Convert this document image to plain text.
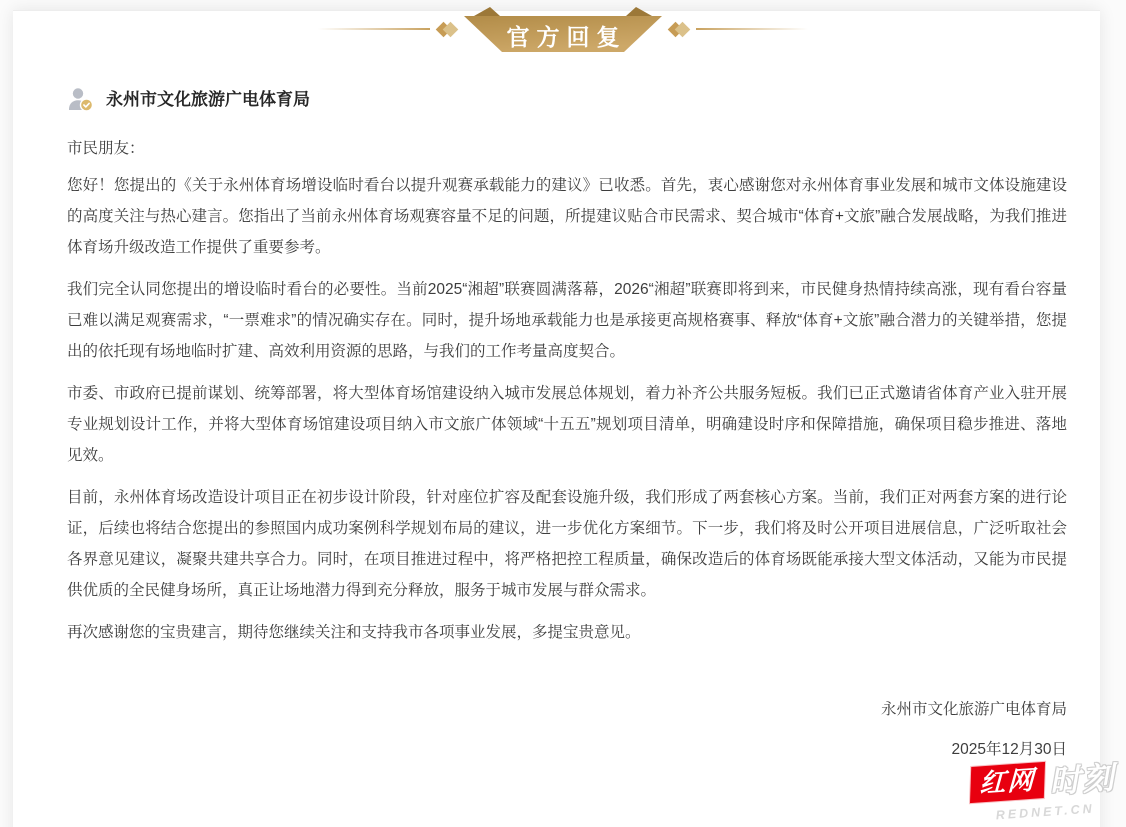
官方回复
永州市文化旅游广电体育局

市民朋友：

您好！您提出的《关于永州体育场增设临时看台以提升观赛承载能力的建议》已收悉。首先，衷心感谢您对永州体育事业发展和城市文体设施建设的高度关注与热心建言。您指出了当前永州体育场观赛容量不足的问题，所提建议贴合市民需求、契合城市“体育+文旅”融合发展战略，为我们推进体育场升级改造工作提供了重要参考。

我们完全认同您提出的增设临时看台的必要性。当前2025“湘超”联赛圆满落幕，2026“湘超”联赛即将到来，市民健身热情持续高涨，现有看台容量已难以满足观赛需求，“一票难求”的情况确实存在。同时，提升场地承载能力也是承接更高规格赛事、释放“体育+文旅”融合潜力的关键举措，您提出的依托现有场地临时扩建、高效利用资源的思路，与我们的工作考量高度契合。

市委、市政府已提前谋划、统筹部署，将大型体育场馆建设纳入城市发展总体规划，着力补齐公共服务短板。我们已正式邀请省体育产业入驻开展专业规划设计工作，并将大型体育场馆建设项目纳入市文旅广体领域“十五五”规划项目清单，明确建设时序和保障措施，确保项目稳步推进、落地见效。

目前，永州体育场改造设计项目正在初步设计阶段，针对座位扩容及配套设施升级，我们形成了两套核心方案。当前，我们正对两套方案的进行论证，后续也将结合您提出的参照国内成功案例科学规划布局的建议，进一步优化方案细节。下一步，我们将及时公开项目进展信息，广泛听取社会各界意见建议，凝聚共建共享合力。同时，在项目推进过程中，将严格把控工程质量，确保改造后的体育场既能承接大型文体活动，又能为市民提供优质的全民健身场所，真正让场地潜力得到充分释放，服务于城市发展与群众需求。

再次感谢您的宝贵建言，期待您继续关注和支持我市各项事业发展，多提宝贵意见。

永州市文化旅游广电体育局

2025年12月30日

红网 时刻
REDNET.CN
